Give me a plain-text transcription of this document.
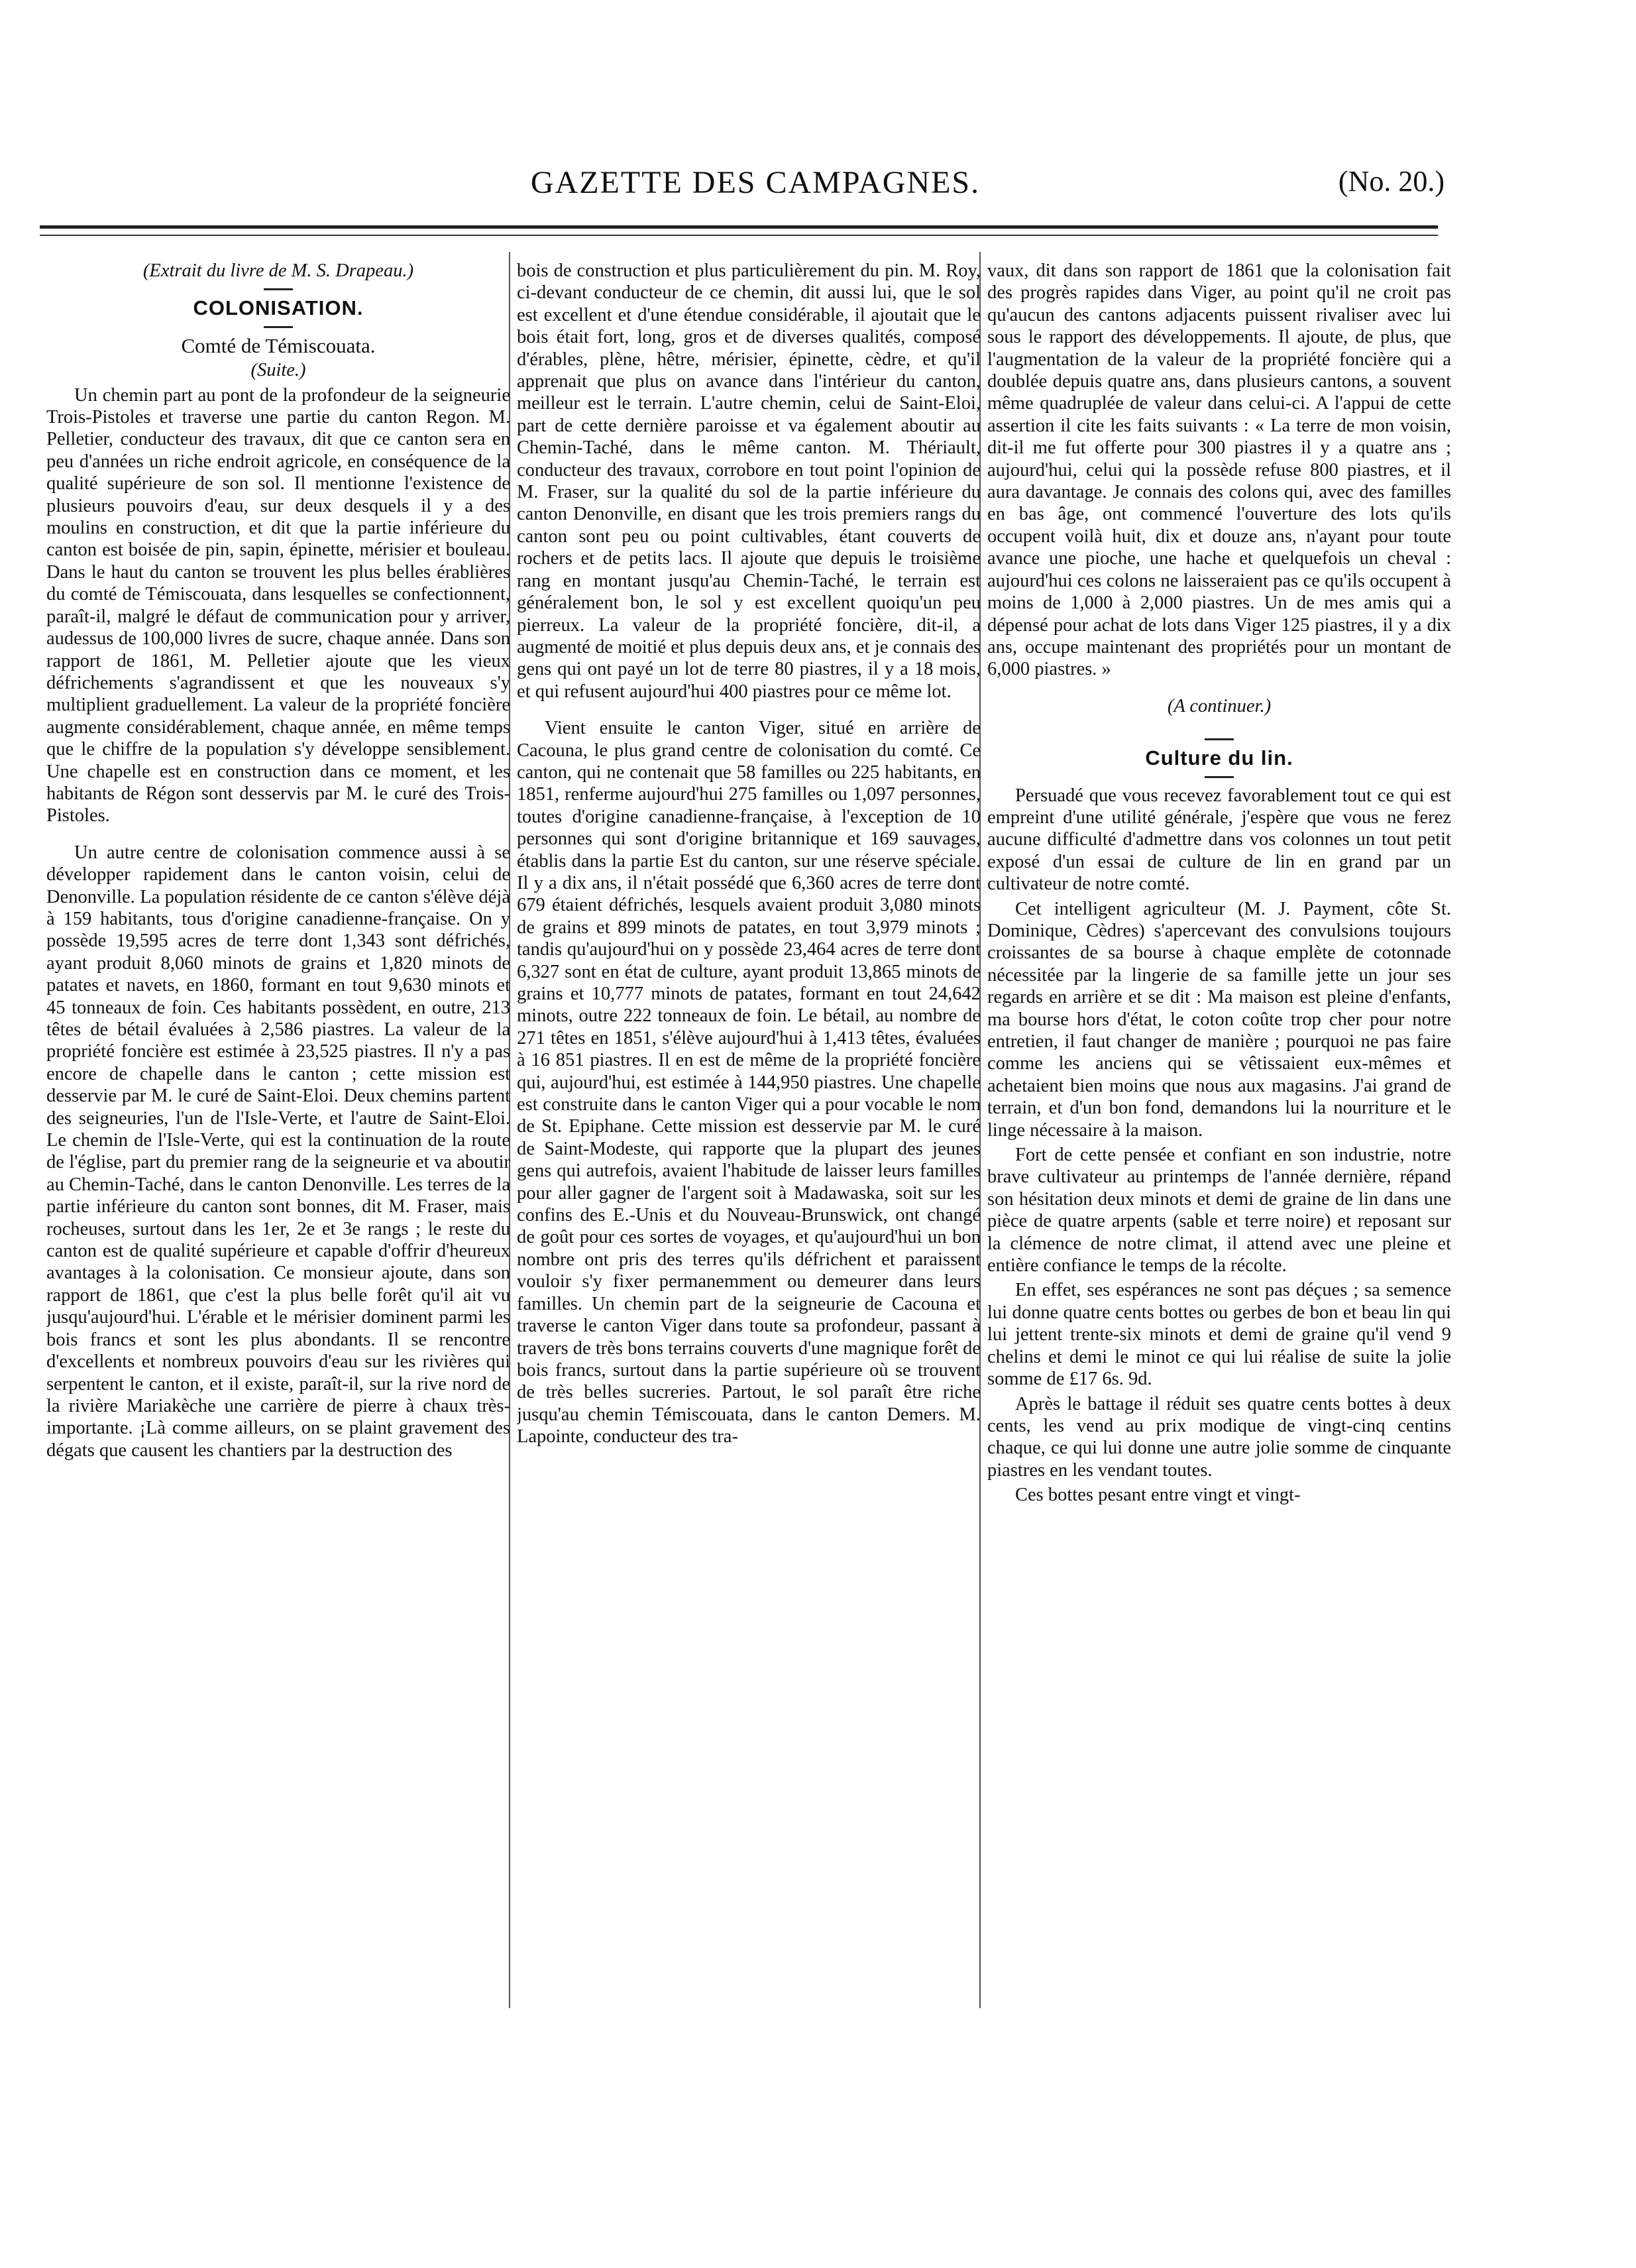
GAZETTE DES CAMPAGNES.	(No. 20.)

(Extrait du livre de M. S. Drapeau.)

COLONISATION.

Comté de Témiscouata.

(Suite.)

Un chemin part au pont de la profondeur de la seigneurie Trois-Pistoles et traverse une partie du canton Regon. M. Pelletier, conducteur des travaux, dit que ce canton sera en peu d'années un riche endroit agricole, en conséquence de la qualité supérieure de son sol. Il mentionne l'existence de plusieurs pouvoirs d'eau, sur deux desquels il y a des moulins en construction, et dit que la partie inférieure du canton est boisée de pin, sapin, épinette, mérisier et bouleau. Dans le haut du canton se trouvent les plus belles érablières du comté de Témiscouata, dans lesquelles se confectionnent, paraît-il, malgré le défaut de communication pour y arriver, audessus de 100,000 livres de sucre, chaque année. Dans son rapport de 1861, M. Pelletier ajoute que les vieux défrichements s'agrandissent et que les nouveaux s'y multiplient graduellement. La valeur de la propriété foncière augmente considérablement, chaque année, en même temps que le chiffre de la population s'y développe sensiblement. Une chapelle est en construction dans ce moment, et les habitants de Régon sont desservis par M. le curé des Trois-Pistoles.

Un autre centre de colonisation commence aussi à se développer rapidement dans le canton voisin, celui de Denonville. La population résidente de ce canton s'élève déjà à 159 habitants, tous d'origine canadienne-française. On y possède 19,595 acres de terre dont 1,343 sont défrichés, ayant produit 8,060 minots de grains et 1,820 minots de patates et navets, en 1860, formant en tout 9,630 minots et 45 tonneaux de foin. Ces habitants possèdent, en outre, 213 têtes de bétail évaluées à 2,586 piastres. La valeur de la propriété foncière est estimée à 23,525 piastres. Il n'y a pas encore de chapelle dans le canton ; cette mission est desservie par M. le curé de Saint-Eloi. Deux chemins partent des seigneuries, l'un de l'Isle-Verte, et l'autre de Saint-Eloi. Le chemin de l'Isle-Verte, qui est la continuation de la route de l'église, part du premier rang de la seigneurie et va aboutir au Chemin-Taché, dans le canton Denonville. Les terres de la partie inférieure du canton sont bonnes, dit M. Fraser, mais rocheuses, surtout dans les 1er, 2e et 3e rangs ; le reste du canton est de qualité supérieure et capable d'offrir d'heureux avantages à la colonisation. Ce monsieur ajoute, dans son rapport de 1861, que c'est la plus belle forêt qu'il ait vu jusqu'aujourd'hui. L'érable et le mérisier dominent parmi les bois francs et sont les plus abondants. Il se rencontre d'excellents et nombreux pouvoirs d'eau sur les rivières qui serpentent le canton, et il existe, paraît-il, sur la rive nord de la rivière Mariakèche une carrière de pierre à chaux très-importante. ¡Là comme ailleurs, on se plaint gravement des dégats que causent les chantiers par la destruction des

bois de construction et plus particulièrement du pin. M. Roy, ci-devant conducteur de ce chemin, dit aussi lui, que le sol est excellent et d'une étendue considérable, il ajoutait que le bois était fort, long, gros et de diverses qualités, composé d'érables, plène, hêtre, mérisier, épinette, cèdre, et qu'il apprenait que plus on avance dans l'intérieur du canton, meilleur est le terrain. L'autre chemin, celui de Saint-Eloi, part de cette dernière paroisse et va également aboutir au Chemin-Taché, dans le même canton. M. Thériault, conducteur des travaux, corrobore en tout point l'opinion de M. Fraser, sur la qualité du sol de la partie inférieure du canton Denonville, en disant que les trois premiers rangs du canton sont peu ou point cultivables, étant couverts de rochers et de petits lacs. Il ajoute que depuis le troisième rang en montant jusqu'au Chemin-Taché, le terrain est généralement bon, le sol y est excellent quoiqu'un peu pierreux. La valeur de la propriété foncière, dit-il, a augmenté de moitié et plus depuis deux ans, et je connais des gens qui ont payé un lot de terre 80 piastres, il y a 18 mois, et qui refusent aujourd'hui 400 piastres pour ce même lot.

Vient ensuite le canton Viger, situé en arrière de Cacouna, le plus grand centre de colonisation du comté. Ce canton, qui ne contenait que 58 familles ou 225 habitants, en 1851, renferme aujourd'hui 275 familles ou 1,097 personnes, toutes d'origine canadienne-française, à l'exception de 10 personnes qui sont d'origine britannique et 169 sauvages, établis dans la partie Est du canton, sur une réserve spéciale. Il y a dix ans, il n'était possédé que 6,360 acres de terre dont 679 étaient défrichés, lesquels avaient produit 3,080 minots de grains et 899 minots de patates, en tout 3,979 minots ; tandis qu'aujourd'hui on y possède 23,464 acres de terre dont 6,327 sont en état de culture, ayant produit 13,865 minots de grains et 10,777 minots de patates, formant en tout 24,642 minots, outre 222 tonneaux de foin. Le bétail, au nombre de 271 têtes en 1851, s'élève aujourd'hui à 1,413 têtes, évaluées à 16 851 piastres. Il en est de même de la propriété foncière qui, aujourd'hui, est estimée à 144,950 piastres. Une chapelle est construite dans le canton Viger qui a pour vocable le nom de St. Epiphane. Cette mission est desservie par M. le curé de Saint-Modeste, qui rapporte que la plupart des jeunes gens qui autrefois, avaient l'habitude de laisser leurs familles pour aller gagner de l'argent soit à Madawaska, soit sur les confins des E.-Unis et du Nouveau-Brunswick, ont changé de goût pour ces sortes de voyages, et qu'aujourd'hui un bon nombre ont pris des terres qu'ils défrichent et paraissent vouloir s'y fixer permanemment ou demeurer dans leurs familles. Un chemin part de la seigneurie de Cacouna et traverse le canton Viger dans toute sa profondeur, passant à travers de très bons terrains couverts d'une magnique forêt de bois francs, surtout dans la partie supérieure où se trouvent de très belles sucreries. Partout, le sol paraît être riche jusqu'au chemin Témiscouata, dans le canton Demers. M. Lapointe, conducteur des tra-

vaux, dit dans son rapport de 1861 que la colonisation fait des progrès rapides dans Viger, au point qu'il ne croit pas qu'aucun des cantons adjacents puissent rivaliser avec lui sous le rapport des développements. Il ajoute, de plus, que l'augmentation de la valeur de la propriété foncière qui a doublée depuis quatre ans, dans plusieurs cantons, a souvent même quadruplée de valeur dans celui-ci. A l'appui de cette assertion il cite les faits suivants : « La terre de mon voisin, dit-il me fut offerte pour 300 piastres il y a quatre ans ; aujourd'hui, celui qui la possède refuse 800 piastres, et il aura davantage. Je connais des colons qui, avec des familles en bas âge, ont commencé l'ouverture des lots qu'ils occupent voilà huit, dix et douze ans, n'ayant pour toute avance une pioche, une hache et quelquefois un cheval : aujourd'hui ces colons ne laisseraient pas ce qu'ils occupent à moins de 1,000 à 2,000 piastres. Un de mes amis qui a dépensé pour achat de lots dans Viger 125 piastres, il y a dix ans, occupe maintenant des propriétés pour un montant de 6,000 piastres. »

(A continuer.)

Culture du lin.

Persuadé que vous recevez favorablement tout ce qui est empreint d'une utilité générale, j'espère que vous ne ferez aucune difficulté d'admettre dans vos colonnes un tout petit exposé d'un essai de culture de lin en grand par un cultivateur de notre comté.

Cet intelligent agriculteur (M. J. Payment, côte St. Dominique, Cèdres) s'apercevant des convulsions toujours croissantes de sa bourse à chaque emplète de cotonnade nécessitée par la lingerie de sa famille jette un jour ses regards en arrière et se dit : Ma maison est pleine d'enfants, ma bourse hors d'état, le coton coûte trop cher pour notre entretien, il faut changer de manière ; pourquoi ne pas faire comme les anciens qui se vêtissaient eux-mêmes et achetaient bien moins que nous aux magasins. J'ai grand de terrain, et d'un bon fond, demandons lui la nourriture et le linge nécessaire à la maison.

Fort de cette pensée et confiant en son industrie, notre brave cultivateur au printemps de l'année dernière, répand son hésitation deux minots et demi de graine de lin dans une pièce de quatre arpents (sable et terre noire) et reposant sur la clémence de notre climat, il attend avec une pleine et entière confiance le temps de la récolte.

En effet, ses espérances ne sont pas déçues ; sa semence lui donne quatre cents bottes ou gerbes de bon et beau lin qui lui jettent trente-six minots et demi de graine qu'il vend 9 chelins et demi le minot ce qui lui réalise de suite la jolie somme de £17 6s. 9d.

Après le battage il réduit ses quatre cents bottes à deux cents, les vend au prix modique de vingt-cinq centins chaque, ce qui lui donne une autre jolie somme de cinquante piastres en les vendant toutes.

Ces bottes pesant entre vingt et vingt-
